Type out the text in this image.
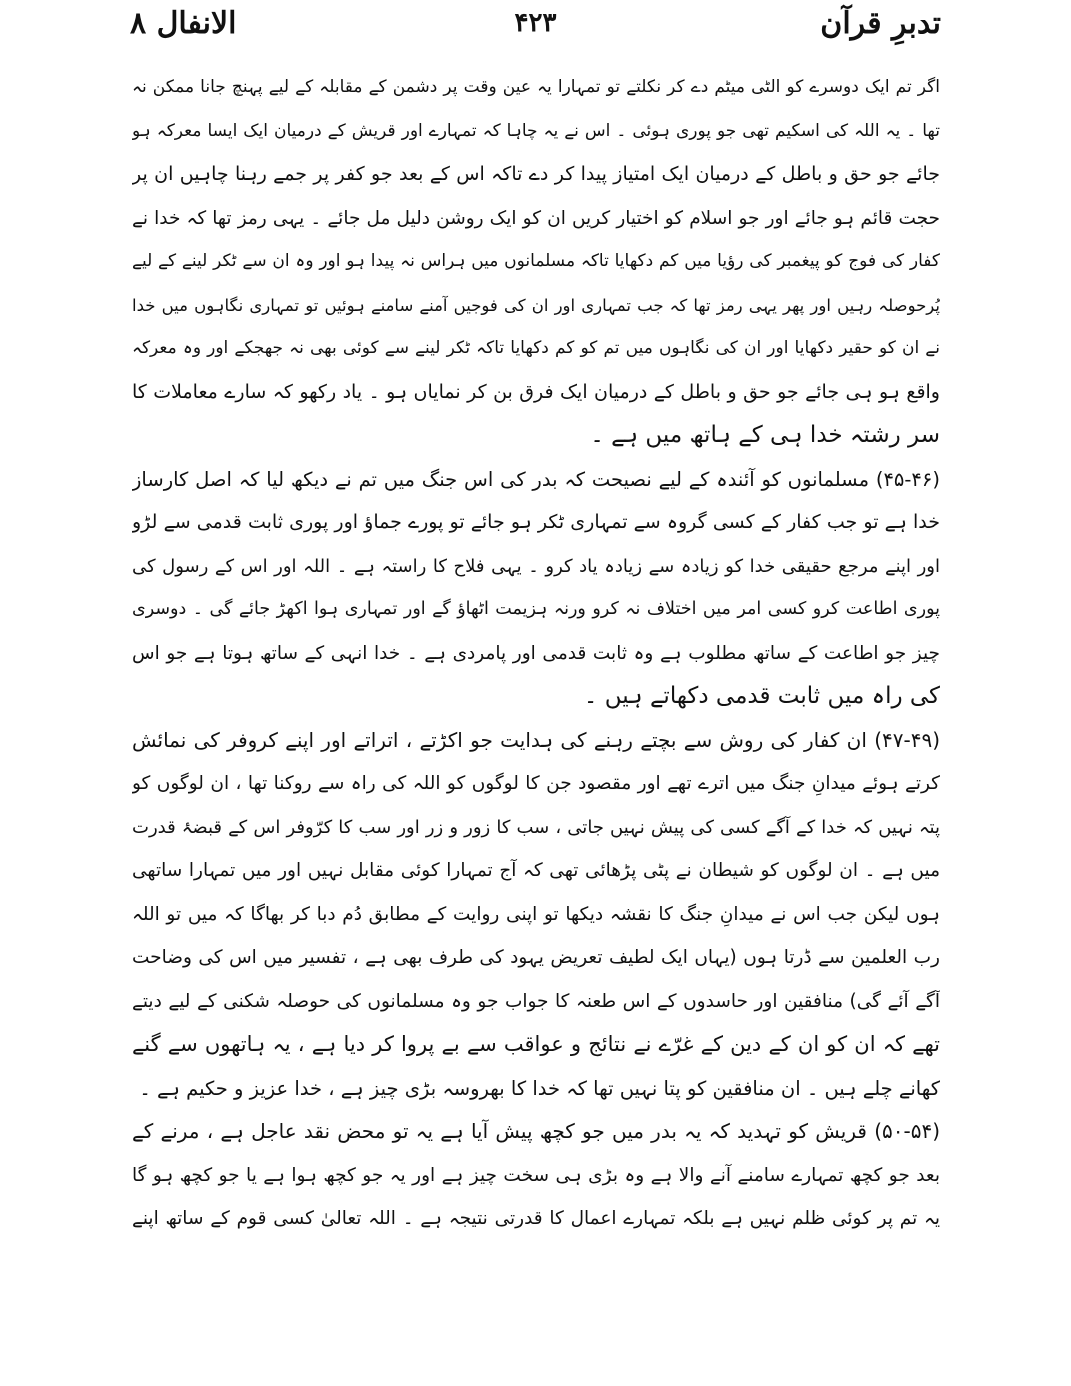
تدبرِ قرآن
۴۲۳
الانفال ۸
اگر تم ایک دوسرے کو الٹی میٹم دے کر نکلتے تو تمہارا یہ عین وقت پر دشمن کے مقابلہ کے لیے پہنچ جانا ممکن نہ
تھا ۔ یہ اللہ کی اسکیم تھی جو پوری ہوئی ۔ اس نے یہ چاہا کہ تمہارے اور قریش کے درمیان ایک ایسا معرکہ ہو
جائے جو حق و باطل کے درمیان ایک امتیاز پیدا کر دے تاکہ اس کے بعد جو کفر پر جمے رہنا چاہیں ان پر
حجت قائم ہو جائے اور جو اسلام کو اختیار کریں ان کو ایک روشن دلیل مل جائے ۔ یہی رمز تھا کہ خدا نے
کفار کی فوج کو پیغمبر کی رؤیا میں کم دکھایا تاکہ مسلمانوں میں ہراس نہ پیدا ہو اور وہ ان سے ٹکر لینے کے لیے
پُرحوصلہ رہیں اور پھر یہی رمز تھا کہ جب تمہاری اور ان کی فوجیں آمنے سامنے ہوئیں تو تمہاری نگاہوں میں خدا
نے ان کو حقیر دکھایا اور ان کی نگاہوں میں تم کو کم دکھایا تاکہ ٹکر لینے سے کوئی بھی نہ جھجکے اور وہ معرکہ
واقع ہو ہی جائے جو حق و باطل کے درمیان ایک فرق بن کر نمایاں ہو ۔ یاد رکھو کہ سارے معاملات کا
سر رشتہ خدا ہی کے ہاتھ میں ہے ۔
(۴۵-۴۶) مسلمانوں کو آئندہ کے لیے نصیحت کہ بدر کی اس جنگ میں تم نے دیکھ لیا کہ اصل کارساز
خدا ہے تو جب کفار کے کسی گروہ سے تمہاری ٹکر ہو جائے تو پورے جماؤ اور پوری ثابت قدمی سے لڑو
اور اپنے مرجع حقیقی خدا کو زیادہ سے زیادہ یاد کرو ۔ یہی فلاح کا راستہ ہے ۔ اللہ اور اس کے رسول کی
پوری اطاعت کرو کسی امر میں اختلاف نہ کرو ورنہ ہزیمت اٹھاؤ گے اور تمہاری ہوا اکھڑ جائے گی ۔ دوسری
چیز جو اطاعت کے ساتھ مطلوب ہے وہ ثابت قدمی اور پامردی ہے ۔ خدا انہی کے ساتھ ہوتا ہے جو اس
کی راہ میں ثابت قدمی دکھاتے ہیں ۔
(۴۷-۴۹) ان کفار کی روش سے بچتے رہنے کی ہدایت جو اکڑتے ، اتراتے اور اپنے کروفر کی نمائش
کرتے ہوئے میدانِ جنگ میں اترے تھے اور مقصود جن کا لوگوں کو اللہ کی راہ سے روکنا تھا ، ان لوگوں کو
پتہ نہیں کہ خدا کے آگے کسی کی پیش نہیں جاتی ، سب کا زور و زر اور سب کا کرّوفر اس کے قبضۂ قدرت
میں ہے ۔ ان لوگوں کو شیطان نے پٹی پڑھائی تھی کہ آج تمہارا کوئی مقابل نہیں اور میں تمہارا ساتھی
ہوں لیکن جب اس نے میدانِ جنگ کا نقشہ دیکھا تو اپنی روایت کے مطابق دُم دبا کر بھاگا کہ میں تو اللہ
رب العلمین سے ڈرتا ہوں (یہاں ایک لطیف تعریض یہود کی طرف بھی ہے ، تفسیر میں اس کی وضاحت
آگے آئے گی) منافقین اور حاسدوں کے اس طعنہ کا جواب جو وہ مسلمانوں کی حوصلہ شکنی کے لیے دیتے
تھے کہ ان کو ان کے دین کے غرّے نے نتائج و عواقب سے بے پروا کر دیا ہے ، یہ ہاتھوں سے گنے
کھانے چلے ہیں ۔ ان منافقین کو پتا نہیں تھا کہ خدا کا بھروسہ بڑی چیز ہے ، خدا عزیز و حکیم ہے ۔
(۵۰-۵۴) قریش کو تہدید کہ یہ بدر میں جو کچھ پیش آیا ہے یہ تو محض نقد عاجل ہے ، مرنے کے
بعد جو کچھ تمہارے سامنے آنے والا ہے وہ بڑی ہی سخت چیز ہے اور یہ جو کچھ ہوا ہے یا جو کچھ ہو گا
یہ تم پر کوئی ظلم نہیں ہے بلکہ تمہارے اعمال کا قدرتی نتیجہ ہے ۔ اللہ تعالیٰ کسی قوم کے ساتھ اپنے
